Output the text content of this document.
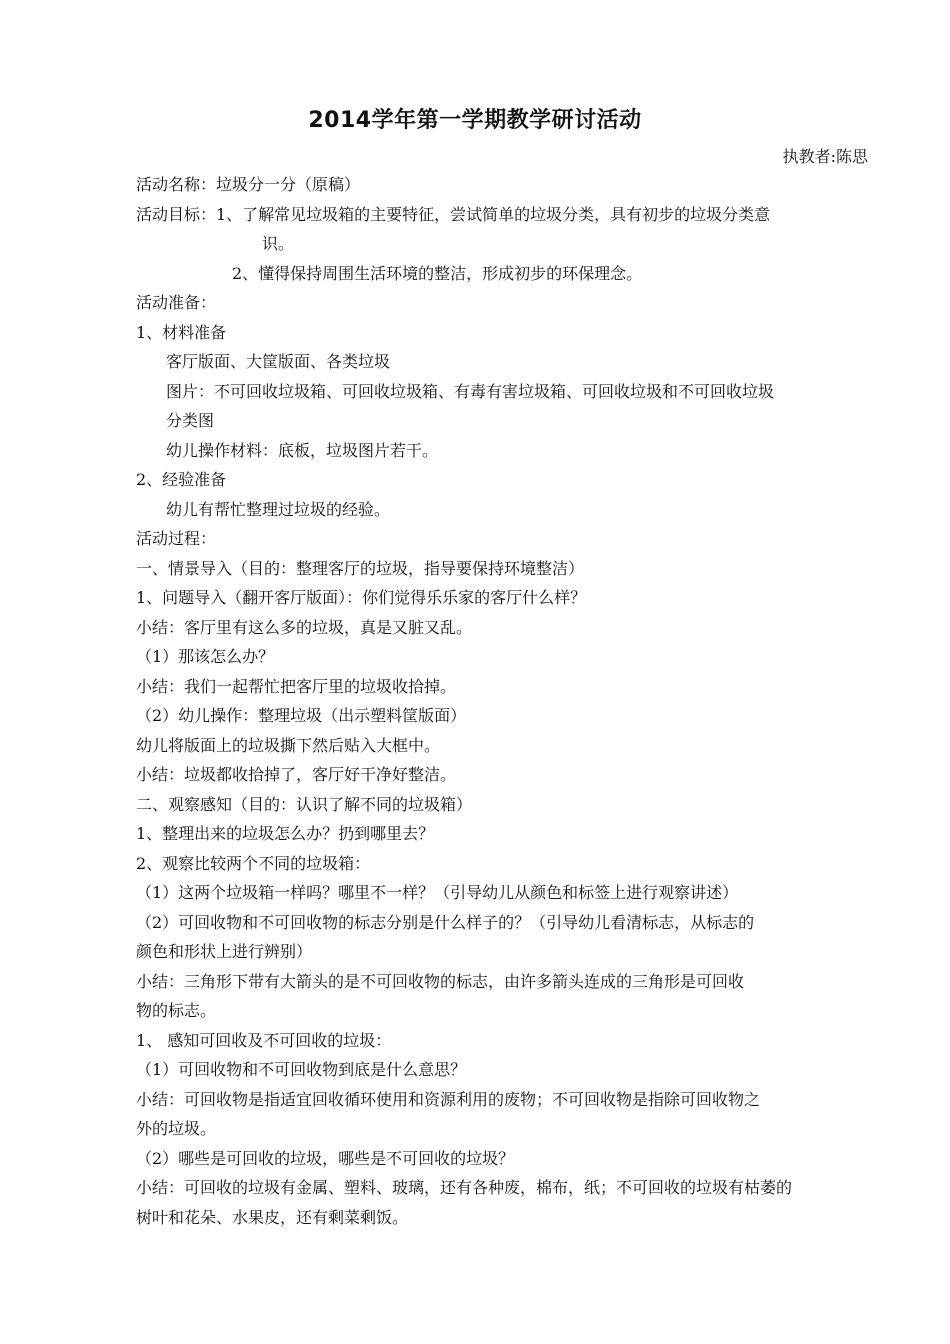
2014学年第一学期教学研讨活动
执教者:陈思
活动名称：垃圾分一分（原稿）
活动目标：1、了解常见垃圾箱的主要特征，尝试简单的垃圾分类，具有初步的垃圾分类意
识。
2、懂得保持周围生活环境的整洁，形成初步的环保理念。
活动准备：
1、材料准备
客厅版面、大筐版面、各类垃圾
图片：不可回收垃圾箱、可回收垃圾箱、有毒有害垃圾箱、可回收垃圾和不可回收垃圾
分类图
幼儿操作材料：底板，垃圾图片若干。
2、经验准备
幼儿有帮忙整理过垃圾的经验。
活动过程：
一、情景导入（目的：整理客厅的垃圾，指导要保持环境整洁）
1、问题导入（翻开客厅版面）：你们觉得乐乐家的客厅什么样？
小结：客厅里有这么多的垃圾，真是又脏又乱。
（1）那该怎么办？
小结：我们一起帮忙把客厅里的垃圾收拾掉。
（2）幼儿操作：整理垃圾（出示塑料筐版面）
幼儿将版面上的垃圾撕下然后贴入大框中。
小结：垃圾都收拾掉了，客厅好干净好整洁。
二、观察感知（目的：认识了解不同的垃圾箱）
1、整理出来的垃圾怎么办？扔到哪里去？
2、观察比较两个不同的垃圾箱：
（1）这两个垃圾箱一样吗？哪里不一样？（引导幼儿从颜色和标签上进行观察讲述）
（2）可回收物和不可回收物的标志分别是什么样子的？（引导幼儿看清标志，从标志的
颜色和形状上进行辨别）
小结：三角形下带有大箭头的是不可回收物的标志，由许多箭头连成的三角形是可回收
物的标志。
1、 感知可回收及不可回收的垃圾：
（1）可回收物和不可回收物到底是什么意思？
小结：可回收物是指适宜回收循环使用和资源利用的废物；不可回收物是指除可回收物之
外的垃圾。
（2）哪些是可回收的垃圾，哪些是不可回收的垃圾？
小结：可回收的垃圾有金属、塑料、玻璃，还有各种废，棉布，纸；不可回收的垃圾有枯萎的
树叶和花朵、水果皮，还有剩菜剩饭。
